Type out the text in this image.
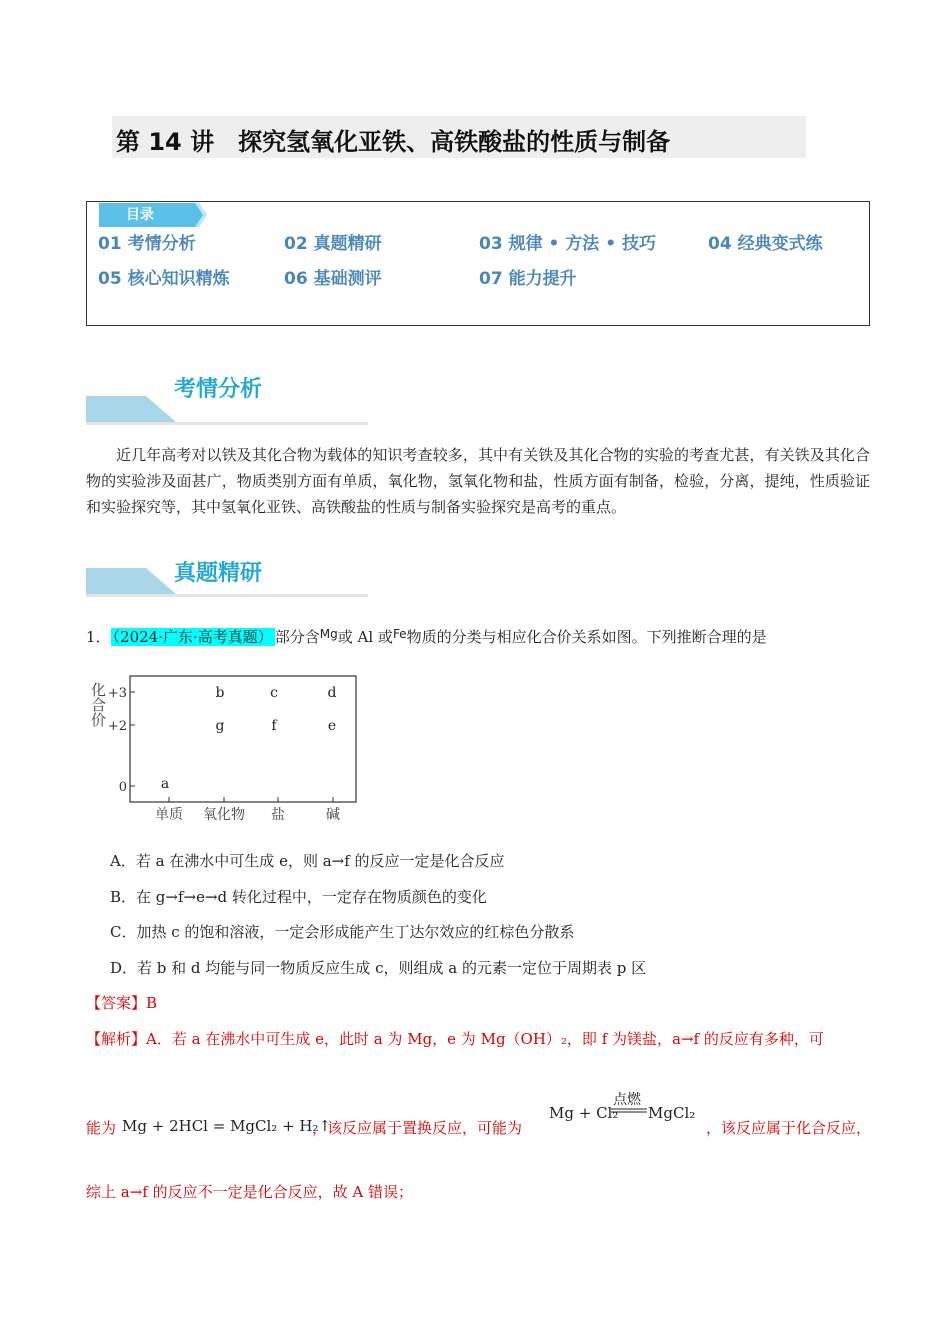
第 14 讲　探究氢氧化亚铁、高铁酸盐的性质与制备
目录
01 考情分析	02 真题精研	03 规律 • 方法 • 技巧	04 经典变式练
05 核心知识精炼	06 基础测评	07 能力提升
考情分析

近几年高考对以铁及其化合物为载体的知识考查较多，其中有关铁及其化合物的实验的考查尤甚，有关铁及其化合物的实验涉及面甚广，物质类别方面有单质，氧化物，氢氧化物和盐，性质方面有制备，检验，分离，提纯，性质验证和实验探究等，其中氢氧化亚铁、高铁酸盐的性质与制备实验探究是高考的重点。

真题精研
1． （2024·广东·高考真题） 部分含$^{Mg}$或 Al 或$^{Fe}$物质的分类与相应化合价关系如图。下列推断合理的是
化合价 +3
+2
0
单质 氧化物 盐	碱
a
b
g
c
f
d
e
A．若 a 在沸水中可生成 e，则 a→f 的反应一定是化合反应
B．在 g→f→e→d 转化过程中，一定存在物质颜色的变化
C．加热 c 的饱和溶液，一定会形成能产生丁达尔效应的红棕色分散系
D．若 b 和 d 均能与同一物质反应生成 c，则组成 a 的元素一定位于周期表 p 区
【答案】B
【解析】A．若 a 在沸水中可生成 e，此时 a 为 Mg，e 为 Mg（OH）₂，即 f 为镁盐，a→f 的反应有多种，可
能为 Mg + 2HCl = MgCl₂ + H₂↑
，该反应属于置换反应，可能为
Mg + Cl₂
点燃
MgCl₂
，该反应属于化合反应，
综上 a→f 的反应不一定是化合反应，故 A 错误；
